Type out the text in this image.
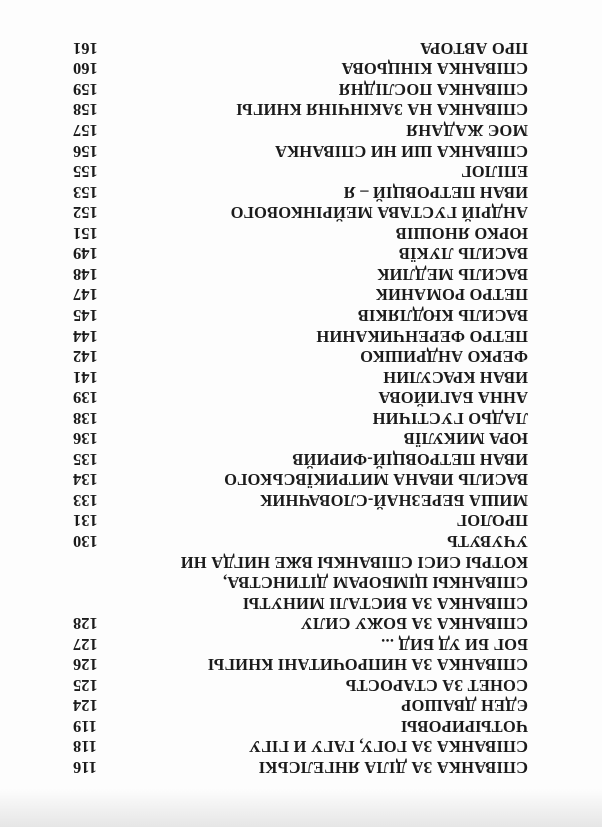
СПІВАНКА ЗА ДІЛА ЯНГЕЛСЬКІ
116
СПІВАНКА ЗА ГОГУ, ГАГУ И ГІГУ
118
ЧОТЫРИРОВЫ
119
ЄДЕН ДВАШОР
124
СОНЕТ ЗА СТАРОСТЬ
125
СПІВАНКА ЗА НИПРОЧИТАНІ КНИГЫ
126
БОГ БИ УД БИД ...
127
СПІВАНКА ЗА БОЖУ СИЛУ
128
СПІВАНКА ЗА ВИСТАЛІ МИНУТЫ
СПІВАНКЫ ЦІМБОРАМ ДІТИНСТВА,
КОТРЫ СИСІ СПІВАНКЫ ВЖЕ НИГДА НИ
УЧУВУТЬ
130
ПРОЛОГ
131
МИША БЕРЕЗНАЙ-СЛОВАЧНИК
133
ВАСИЛЬ ИВАНА МИТРИКЇВСЬКОГО
134
ИВАН ПЕТРОВЦІЙ-ФИРИЙВ
135
ЮРА МИКУЛЇВ
136
ЛАДЬО ГУСТІЧИН
138
АННА БАГИЙОВА
139
ИВАН КРАСУЛИН
141
ФЕРКО АНДРИШКО
142
ПЕТРО ФЕРЕНЧИКАНИН
144
ВАСИЛЬ КЮДЛЯКІВ
145
ПЕТРО РОМАНИК
147
ВАСИЛЬ МЕДЛИК
148
ВАСИЛЬ ЛУКЇВ
149
ЮРКО ЯНОШІВ
151
АНДРІЙ ГУСТАВА МЕЙРІНКОВОГО
152
ИВАН ПЕТРОВЦІЙ – Я
153
ЕПІЛОГ
155
СПІВАНКА ШИ НИ СПІВАНКА
156
МОЄ ЖАДАНЯ
157
СПІВАНКА НА ЗАКІНЧІНЯ КНИГЫ
158
СПІВАНКА ПОСЛІДНЯ
159
СПІВАНКА КІНЦЬОВА
160
ПРО АВТОРА
161
